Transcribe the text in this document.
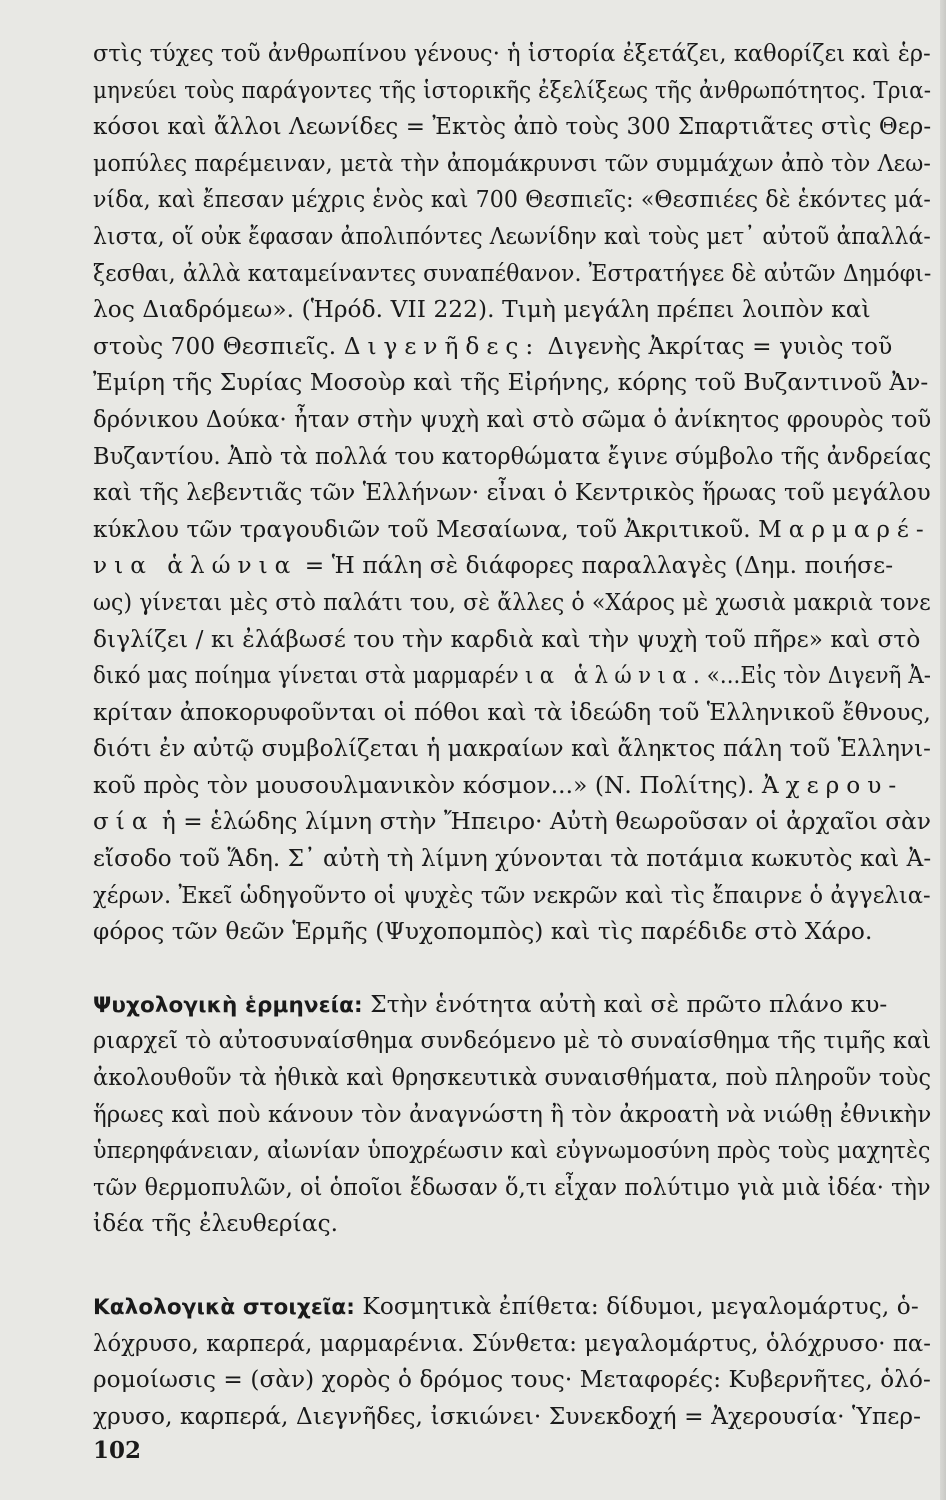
στὶς τύχες τοῦ ἀνθρωπίνου γένους· ἡ ἱστορία ἐξετάζει, καθορίζει καὶ ἑρ-
μηνεύει τοὺς παράγοντες τῆς ἱστορικῆς ἐξελίξεως τῆς ἀνθρωπότητος. Τρια-
κόσοι καὶ ἄλλοι Λεωνίδες = Ἐκτὸς ἀπὸ τοὺς 300 Σπαρτιᾶτες στὶς Θερ-
μοπύλες παρέμειναν, μετὰ τὴν ἀπομάκρυνσι τῶν συμμάχων ἀπὸ τὸν Λεω-
νίδα, καὶ ἔπεσαν μέχρις ἑνὸς καὶ 700 Θεσπιεῖς: «Θεσπιέες δὲ ἑκόντες μά-
λιστα, οἵ οὐκ ἔφασαν ἀπολιπόντες Λεωνίδην καὶ τοὺς μετ᾽ αὐτοῦ ἀπαλλά-
ξεσθαι, ἀλλὰ καταμείναντες συναπέθανον. Ἐστρατήγεε δὲ αὐτῶν Δημόφι-
λος Διαδρόμεω». (Ἡρόδ. VII 222). Τιμὴ μεγάλη πρέπει λοιπὸν καὶ
στοὺς 700 Θεσπιεῖς. Διγενῆδες: Διγενὴς Ἀκρίτας = γυιὸς τοῦ
Ἐμίρη τῆς Συρίας Μοσοὺρ καὶ τῆς Εἰρήνης, κόρης τοῦ Βυζαντινοῦ Ἀν-
δρόνικου Δούκα· ἦταν στὴν ψυχὴ καὶ στὸ σῶμα ὁ ἀνίκητος φρουρὸς τοῦ
Βυζαντίου. Ἀπὸ τὰ πολλά του κατορθώματα ἔγινε σύμβολο τῆς ἀνδρείας
καὶ τῆς λεβεντιᾶς τῶν Ἑλλήνων· εἶναι ὁ Κεντρικὸς ἥρωας τοῦ μεγάλου
κύκλου τῶν τραγουδιῶν τοῦ Μεσαίωνα, τοῦ Ἀκριτικοῦ. Μαρμαρέ-
νια ἁλώνια = Ἡ πάλη σὲ διάφορες παραλλαγὲς (Δημ. ποιήσε-
ως) γίνεται μὲς στὸ παλάτι του, σὲ ἄλλες ὁ «Χάρος μὲ χωσιὰ μακριὰ τονε
διγλίζει / κι ἐλάβωσέ του τὴν καρδιὰ καὶ τὴν ψυχὴ τοῦ πῆρε» καὶ στὸ
δικό μας ποίημα γίνεται στὰ μαρμαρένια ἁλώνια. «...Εἰς τὸν Διγενῆ Ἀ-
κρίταν ἀποκορυφοῦνται οἱ πόθοι καὶ τὰ ἰδεώδη τοῦ Ἑλληνικοῦ ἔθνους,
διότι ἐν αὐτῷ συμβολίζεται ἡ μακραίων καὶ ἄληκτος πάλη τοῦ Ἑλληνι-
κοῦ πρὸς τὸν μουσουλμανικὸν κόσμον...» (Ν. Πολίτης). Ἀχερου-
σία ἡ = ἑλώδης λίμνη στὴν Ἤπειρο· Αὐτὴ θεωροῦσαν οἱ ἀρχαῖοι σὰν
εἴσοδο τοῦ Ἅδη. Σ᾽ αὐτὴ τὴ λίμνη χύνονται τὰ ποτάμια κωκυτὸς καὶ Ἀ-
χέρων. Ἐκεῖ ὡδηγοῦντο οἱ ψυχὲς τῶν νεκρῶν καὶ τὶς ἔπαιρνε ὁ ἀγγελια-
φόρος τῶν θεῶν Ἑρμῆς (Ψυχοπομπὸς) καὶ τὶς παρέδιδε στὸ Χάρο.
Ψυχολογικὴ ἑρμηνεία: Στὴν ἑνότητα αὐτὴ καὶ σὲ πρῶτο πλάνο κυ-
ριαρχεῖ τὸ αὐτοσυναίσθημα συνδεόμενο μὲ τὸ συναίσθημα τῆς τιμῆς καὶ
ἀκολουθοῦν τὰ ἠθικὰ καὶ θρησκευτικὰ συναισθήματα, ποὺ πληροῦν τοὺς
ἥρωες καὶ ποὺ κάνουν τὸν ἀναγνώστη ἢ τὸν ἀκροατὴ νὰ νιώθῃ ἐθνικὴν
ὑπερηφάνειαν, αἰωνίαν ὑποχρέωσιν καὶ εὐγνωμοσύνη πρὸς τοὺς μαχητὲς
τῶν θερμοπυλῶν, οἱ ὁποῖοι ἔδωσαν ὅ,τι εἶχαν πολύτιμο γιὰ μιὰ ἰδέα· τὴν
ἰδέα τῆς ἐλευθερίας.
Καλολογικὰ στοιχεῖα: Κοσμητικὰ ἐπίθετα: δίδυμοι, μεγαλομάρτυς, ὁ-
λόχρυσο, καρπερά, μαρμαρένια. Σύνθετα: μεγαλομάρτυς, ὁλόχρυσο· πα-
ρομοίωσις = (σὰν) χορὸς ὁ δρόμος τους· Μεταφορές: Κυβερνῆτες, ὁλό-
χρυσο, καρπερά, Διεγνῆδες, ἰσκιώνει· Συνεκδοχή = Ἀχερουσία· Ὑπερ-
102
